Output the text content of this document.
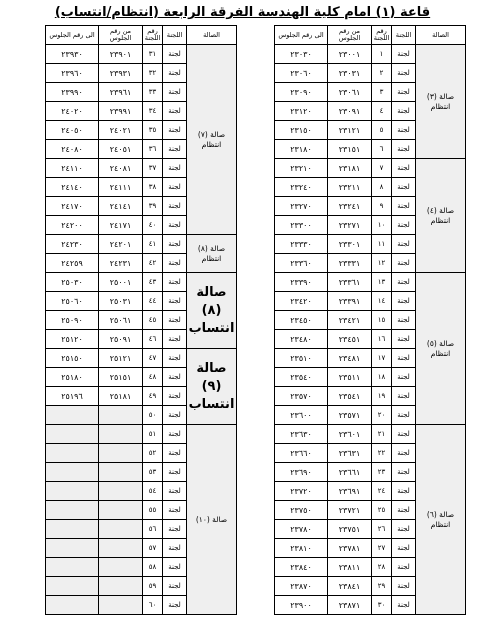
قاعة (١) امام كلية الهندسة الفرقة الرابعة (انتظام/انتساب)
الصالة	اللجنة	رقم اللجنة	من رقم الجلوس	الى رقم الجلوس
صالة (٣) انتظام	لجنة	١	٢٣٠٠١	٢٣٠٣٠
	لجنة	٢	٢٣٠٣١	٢٣٠٦٠
	لجنة	٣	٢٣٠٦١	٢٣٠٩٠
	لجنة	٤	٢٣٠٩١	٢٣١٢٠
	لجنة	٥	٢٣١٢١	٢٣١٥٠
	لجنة	٦	٢٣١٥١	٢٣١٨٠
صالة (٤) انتظام	لجنة	٧	٢٣١٨١	٢٣٢١٠
	لجنة	٨	٢٣٢١١	٢٣٢٤٠
	لجنة	٩	٢٣٢٤١	٢٣٢٧٠
	لجنة	١٠	٢٣٢٧١	٢٣٣٠٠
	لجنة	١١	٢٣٣٠١	٢٣٣٣٠
	لجنة	١٢	٢٣٣٣١	٢٣٣٦٠
صالة (٥) انتظام	لجنة	١٣	٢٣٣٦١	٢٣٣٩٠
	لجنة	١٤	٢٣٣٩١	٢٣٤٢٠
	لجنة	١٥	٢٣٤٢١	٢٣٤٥٠
	لجنة	١٦	٢٣٤٥١	٢٣٤٨٠
	لجنة	١٧	٢٣٤٨١	٢٣٥١٠
	لجنة	١٨	٢٣٥١١	٢٣٥٤٠
	لجنة	١٩	٢٣٥٤١	٢٣٥٧٠
	لجنة	٢٠	٢٣٥٧١	٢٣٦٠٠
صالة (٦) انتظام	لجنة	٢١	٢٣٦٠١	٢٣٦٣٠
	لجنة	٢٢	٢٣٦٣١	٢٣٦٦٠
	لجنة	٢٣	٢٣٦٦١	٢٣٦٩٠
	لجنة	٢٤	٢٣٦٩١	٢٣٧٢٠
	لجنة	٢٥	٢٣٧٢١	٢٣٧٥٠
	لجنة	٢٦	٢٣٧٥١	٢٣٧٨٠
	لجنة	٢٧	٢٣٧٨١	٢٣٨١٠
	لجنة	٢٨	٢٣٨١١	٢٣٨٤٠
	لجنة	٢٩	٢٣٨٤١	٢٣٨٧٠
	لجنة	٣٠	٢٣٨٧١	٢٣٩٠٠
الصالة	اللجنة	رقم اللجنة	من رقم الجلوس	الى رقم الجلوس
صالة (٧) انتظام	لجنة	٣١	٢٣٩٠١	٢٣٩٣٠
	لجنة	٣٢	٢٣٩٣١	٢٣٩٦٠
	لجنة	٣٣	٢٣٩٦١	٢٣٩٩٠
	لجنة	٣٤	٢٣٩٩١	٢٤٠٢٠
	لجنة	٣٥	٢٤٠٢١	٢٤٠٥٠
	لجنة	٣٦	٢٤٠٥١	٢٤٠٨٠
	لجنة	٣٧	٢٤٠٨١	٢٤١١٠
	لجنة	٣٨	٢٤١١١	٢٤١٤٠
	لجنة	٣٩	٢٤١٤١	٢٤١٧٠
	لجنة	٤٠	٢٤١٧١	٢٤٢٠٠
صالة (٨) انتظام	لجنة	٤١	٢٤٢٠١	٢٤٢٣٠
	لجنة	٤٢	٢٤٢٣١	٢٤٢٥٩
صالة (٨) انتساب	لجنة	٤٣	٢٥٠٠١	٢٥٠٣٠
	لجنة	٤٤	٢٥٠٣١	٢٥٠٦٠
	لجنة	٤٥	٢٥٠٦١	٢٥٠٩٠
	لجنة	٤٦	٢٥٠٩١	٢٥١٢٠
صالة (٩) انتساب	لجنة	٤٧	٢٥١٢١	٢٥١٥٠
	لجنة	٤٨	٢٥١٥١	٢٥١٨٠
	لجنة	٤٩	٢٥١٨١	٢٥١٩٦
	لجنة	٥٠		
صالة (١٠)	لجنة	٥١		
	لجنة	٥٢		
	لجنة	٥٣		
	لجنة	٥٤		
	لجنة	٥٥		
	لجنة	٥٦		
	لجنة	٥٧		
	لجنة	٥٨		
	لجنة	٥٩		
	لجنة	٦٠		
